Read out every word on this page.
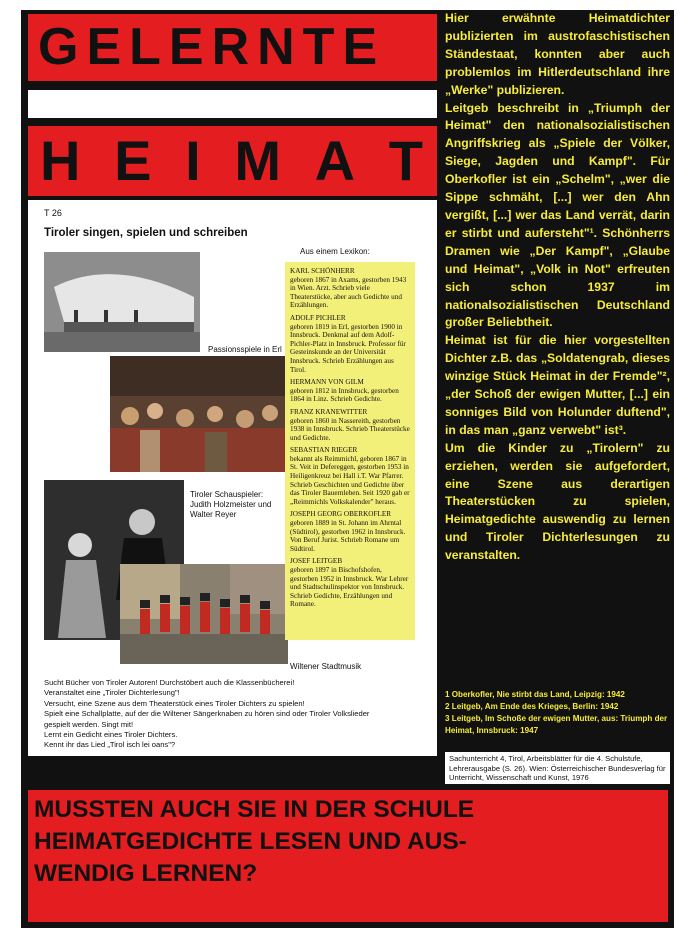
GELERNTE
H E I M A T
T 26
Tiroler singen, spielen und schreiben
Passionsspiele in Erl
Tiroler Schauspieler:
Judith Holzmeister und
Walter Reyer
Wiltener Stadtmusik
Aus einem Lexikon:
KARL SCHÖNHERR
geboren 1867 in Axams, gestorben 1943 in Wien. Arzt. Schrieb viele Theaterstücke, aber auch Gedichte und Erzählungen.
ADOLF PICHLER
geboren 1819 in Erl, gestorben 1900 in Innsbruck. Denkmal auf dem Adolf-Pichler-Platz in Innsbruck. Professor für Gesteinskunde an der Universität Innsbruck. Schrieb Erzählungen aus Tirol.
HERMANN VON GILM
geboren 1812 in Innsbruck, gestorben 1864 in Linz. Schrieb Gedichte.
FRANZ KRANEWITTER
geboren 1860 in Nassereith, gestorben 1938 in Innsbruck. Schrieb Theaterstücke und Gedichte.
SEBASTIAN RIEGER
bekannt als Reimmichl, geboren 1867 in St. Veit in Defereggen, gestorben 1953 in Heiligenkreuz bei Hall i.T. War Pfarrer. Schrieb Geschichten und Gedichte über das Tiroler Bauernleben. Seit 1920 gab er „Reimmichls Volkskalender" heraus.
JOSEPH GEORG OBERKOFLER
geboren 1889 in St. Johann im Ahrntal (Südtirol), gestorben 1962 in Innsbruck. Von Beruf Jurist. Schrieb Romane um Südtirol.
JOSEF LEITGEB
geboren 1897 in Bischofshofen, gestorben 1952 in Innsbruck. War Lehrer und Stadtschulinspektor von Innsbruck. Schrieb Gedichte, Erzählungen und Romane.
Sucht Bücher von Tiroler Autoren! Durchstöbert auch die Klassenbücherei!
Veranstaltet eine „Tiroler Dichterlesung"!
Versucht, eine Szene aus dem Theaterstück eines Tiroler Dichters zu spielen!
Spielt eine Schallplatte, auf der die Wiltener Sängerknaben zu hören sind oder Tiroler Volkslieder
gespielt werden. Singt mit!
Lernt ein Gedicht eines Tiroler Dichters.
Kennt ihr das Lied „Tirol isch lei oans"?

Hier erwähnte Heimatdichter publizierten im austrofaschistischen Ständestaat, konnten aber auch problemlos im Hitlerdeutschland ihre „Werke" publizieren.

Leitgeb beschreibt in „Triumph der Heimat" den nationalsozialistischen Angriffskrieg als „Spiele der Völker, Siege, Jagden und Kampf". Für Oberkofler ist ein „Schelm", „wer die Sippe schmäht, [...] wer den Ahn vergißt, [...] wer das Land verrät, darin er stirbt und aufersteht"¹. Schönherrs Dramen wie „Der Kampf", „Glaube und Heimat", „Volk in Not" erfreuten sich schon 1937 im nationalsozialistischen Deutschland großer Beliebtheit.

Heimat ist für die hier vorgestellten Dichter z.B. das „Soldatengrab, dieses winzige Stück Heimat in der Fremde"², „der Schoß der ewigen Mutter, [...] ein sonniges Bild von Holunder duftend", in das man „ganz verwebt" ist³.

Um die Kinder zu „Tirolern" zu erziehen, werden sie aufgefordert, eine Szene aus derartigen Theaterstücken zu spielen, Heimatgedichte auswendig zu lernen und Tiroler Dichterlesungen zu veranstalten.

1 Oberkofler, Nie stirbt das Land, Leipzig: 1942
2 Leitgeb, Am Ende des Krieges, Berlin: 1942
3 Leitgeb, Im Schoße der ewigen Mutter, aus: Triumph der Heimat, Innsbruck: 1947
Sachunterricht 4, Tirol, Arbeitsblätter für die 4. Schulstufe, Lehrerausgabe (S. 26). Wien: Österreichischer Bundesverlag für Unterricht, Wissenschaft und Kunst, 1976
MUSSTEN AUCH SIE IN DER SCHULE
HEIMATGEDICHTE LESEN UND AUS-
WENDIG LERNEN?
